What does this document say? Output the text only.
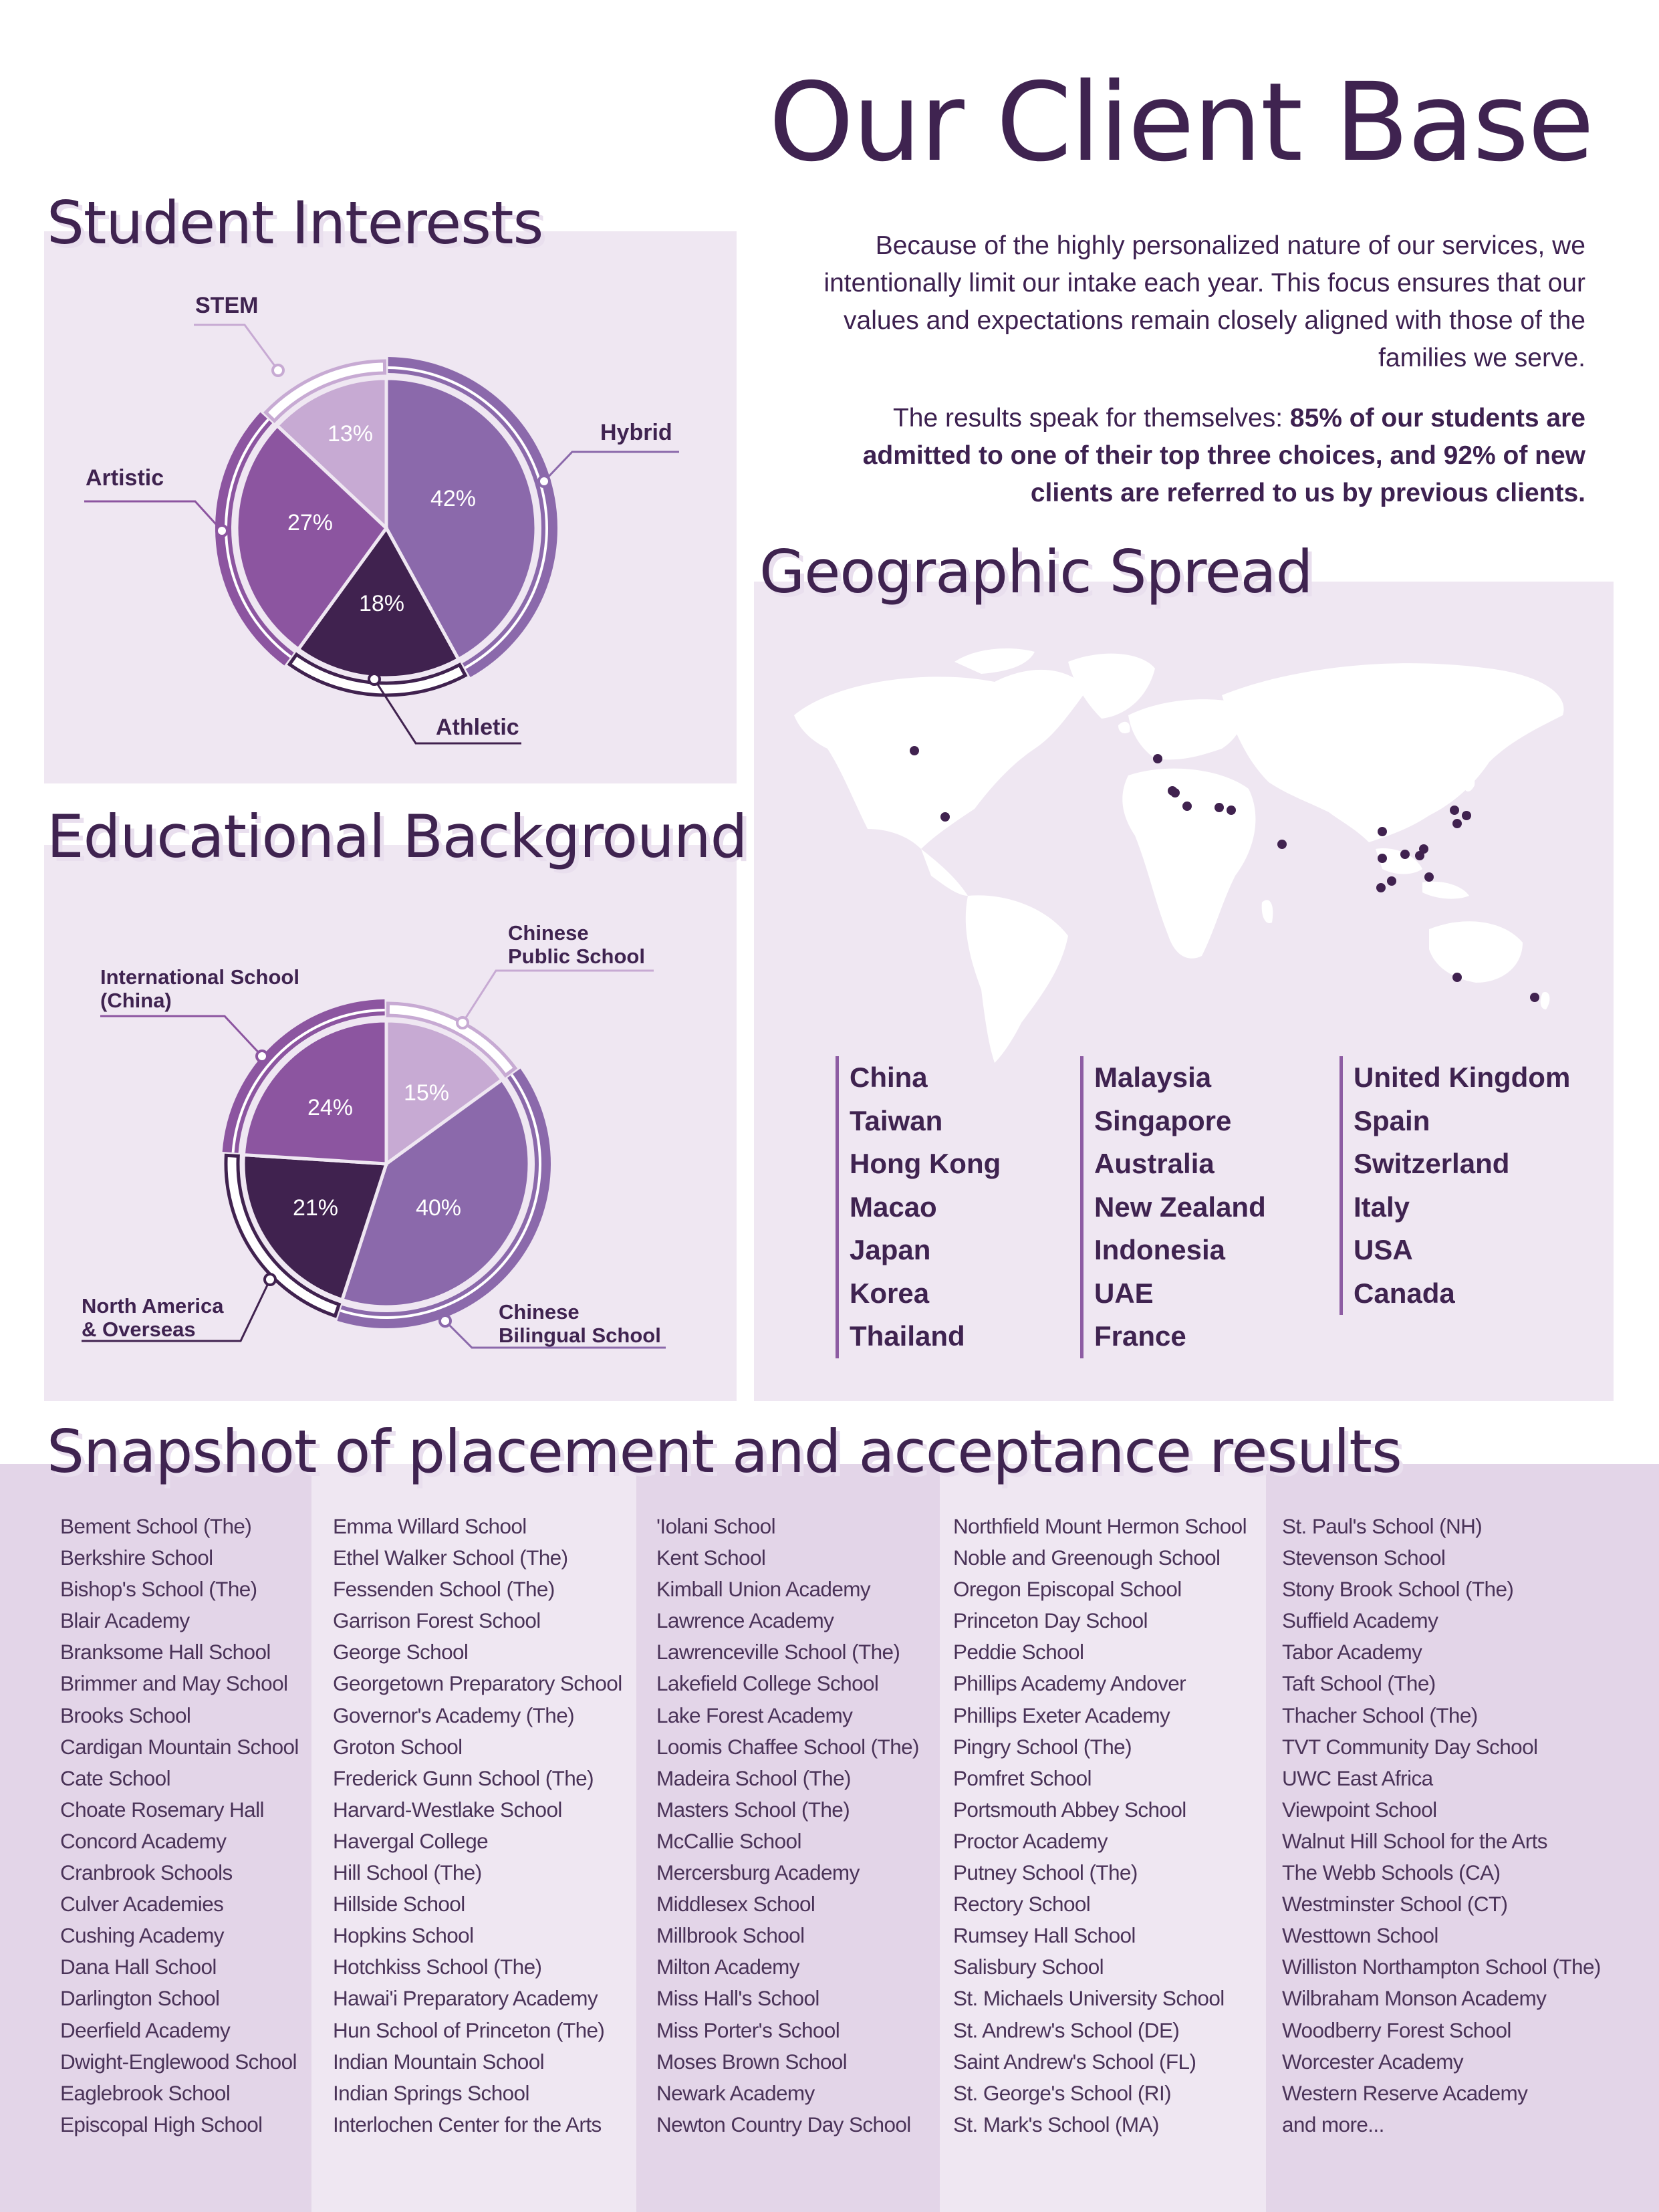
Our Client Base

Because of the highly personalized nature of our services, we intentionally limit our intake each year. This focus ensures that our values and expectations remain closely aligned with those of the families we serve.

The results speak for themselves: 85% of our students are admitted to one of their top three choices, and 92% of new clients are referred to us by previous clients.

Student Interests
Hybrid
Athletic
Artistic
STEM
42%
18%
27%
13%
Educational Background
Chinese Public School
Chinese Bilingual School
North America & Overseas
International School (China)
15%
40%
21%
24%
Geographic Spread
China
Taiwan
Hong Kong
Macao
Japan
Korea
Thailand
Malaysia
Singapore
Australia
New Zealand
Indonesia
UAE
France
United Kingdom
Spain
Switzerland
Italy
USA
Canada
Bement School (The)
Berkshire School
Bishop's School (The)
Blair Academy
Branksome Hall School
Brimmer and May School
Brooks School
Cardigan Mountain School
Cate School
Choate Rosemary Hall
Concord Academy
Cranbrook Schools
Culver Academies
Cushing Academy
Dana Hall School
Darlington School
Deerfield Academy
Dwight-Englewood School
Eaglebrook School
Episcopal High School
Emma Willard School
Ethel Walker School (The)
Fessenden School (The)
Garrison Forest School
George School
Georgetown Preparatory School
Governor's Academy (The)
Groton School
Frederick Gunn School (The)
Harvard-Westlake School
Havergal College
Hill School (The)
Hillside School
Hopkins School
Hotchkiss School (The)
Hawai'i Preparatory Academy
Hun School of Princeton (The)
Indian Mountain School
Indian Springs School
Interlochen Center for the Arts
'Iolani School
Kent School
Kimball Union Academy
Lawrence Academy
Lawrenceville School (The)
Lakefield College School
Lake Forest Academy
Loomis Chaffee School (The)
Madeira School (The)
Masters School (The)
McCallie School
Mercersburg Academy
Middlesex School
Millbrook School
Milton Academy
Miss Hall's School
Miss Porter's School
Moses Brown School
Newark Academy
Newton Country Day School
Northfield Mount Hermon School
Noble and Greenough School
Oregon Episcopal School
Princeton Day School
Peddie School
Phillips Academy Andover
Phillips Exeter Academy
Pingry School (The)
Pomfret School
Portsmouth Abbey School
Proctor Academy
Putney School (The)
Rectory School
Rumsey Hall School
Salisbury School
St. Michaels University School
St. Andrew's School (DE)
Saint Andrew's School (FL)
St. George's School (RI)
St. Mark's School (MA)
St. Paul's School (NH)
Stevenson School
Stony Brook School (The)
Suffield Academy
Tabor Academy
Taft School (The)
Thacher School (The)
TVT Community Day School
UWC East Africa
Viewpoint School
Walnut Hill School for the Arts
The Webb Schools (CA)
Westminster School (CT)
Westtown School
Williston Northampton School (The)
Wilbraham Monson Academy
Woodberry Forest School
Worcester Academy
Western Reserve Academy
and more...
Snapshot of placement and acceptance results
